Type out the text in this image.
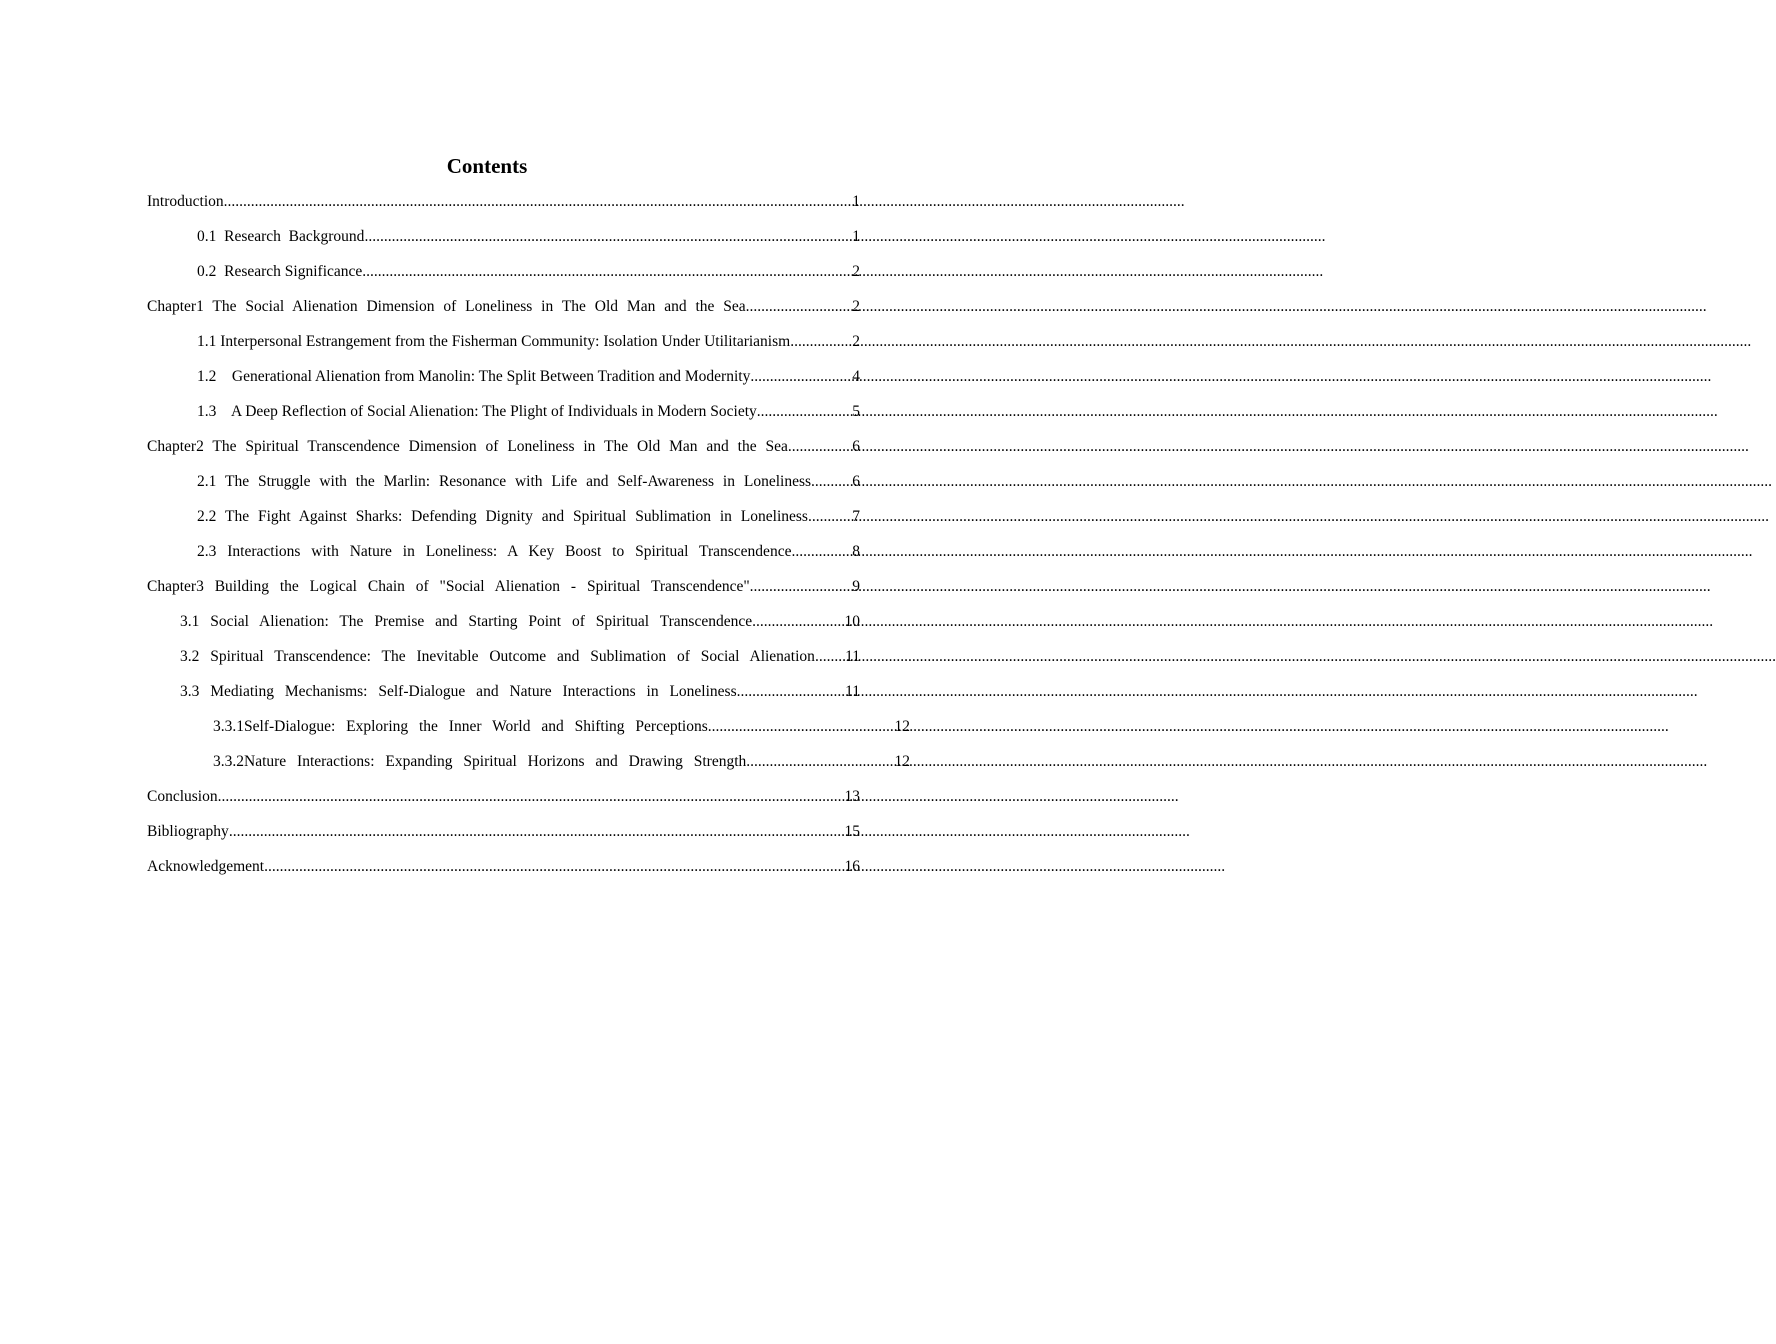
Contents
Introduction .....	1
0.1  Research  Background .....	1
0.2  Research Significance .....	2
Chapter1 The Social Alienation Dimension of Loneliness in The Old Man and the Sea .....	2
1.1 Interpersonal Estrangement from the Fisherman Community: Isolation Under Utilitarianism .....	2
1.2    Generational Alienation from Manolin: The Split Between Tradition and Modernity .....	4
1.3    A Deep Reflection of Social Alienation: The Plight of Individuals in Modern Society .....	5
Chapter2 The Spiritual Transcendence Dimension of Loneliness in The Old Man and the Sea .....	6
2.1 The Struggle with the Marlin: Resonance with Life and Self-Awareness in Loneliness .....	6
2.2 The Fight Against Sharks: Defending Dignity and Spiritual Sublimation in Loneliness .....	7
2.3 Interactions with Nature in Loneliness: A Key Boost to Spiritual Transcendence .....	8
Chapter3 Building the Logical Chain of "Social Alienation - Spiritual Transcendence" .....	9
3.1 Social Alienation: The Premise and Starting Point of Spiritual Transcendence .....	10
3.2 Spiritual Transcendence: The Inevitable Outcome and Sublimation of Social Alienation ..... 11
3.3 Mediating Mechanisms: Self-Dialogue and Nature Interactions in Loneliness .....	11
3.3.1Self-Dialogue: Exploring the Inner World and Shifting Perceptions .....	12
3.3.2Nature Interactions: Expanding Spiritual Horizons and Drawing Strength .....	12
Conclusion .....	13
Bibliography .....	15
Acknowledgement .....	16
